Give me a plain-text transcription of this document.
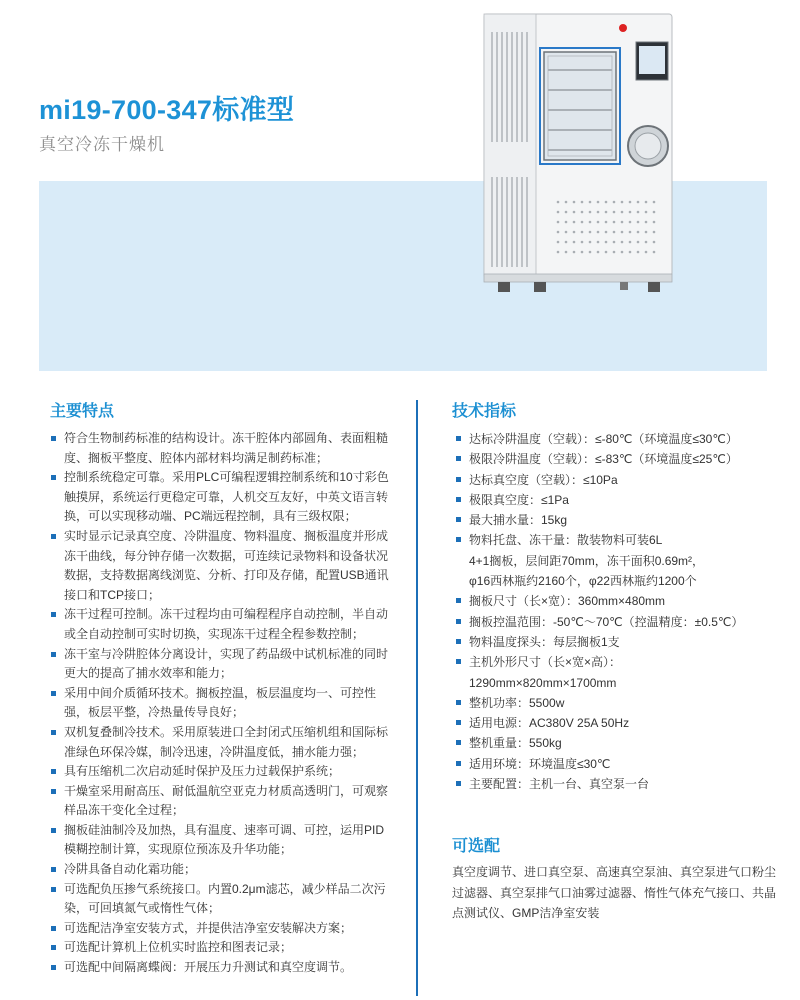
mi19-700-347标准型
真空冷冻干燥机
主要特点
符合生物制药标准的结构设计。冻干腔体内部圆角、表面粗糙度、搁板平整度、腔体内部材料均满足制药标准；
控制系统稳定可靠。采用PLC可编程逻辑控制系统和10寸彩色触摸屏，系统运行更稳定可靠，人机交互友好，中英文语言转换，可以实现移动端、PC端远程控制，具有三级权限；
实时显示记录真空度、冷阱温度、物料温度、搁板温度并形成冻干曲线，每分钟存储一次数据，可连续记录物料和设备状况数据，支持数据离线浏览、分析、打印及存储，配置USB通讯接口和TCP接口；
冻干过程可控制。冻干过程均由可编程程序自动控制，半自动或全自动控制可实时切换，实现冻干过程全程参数控制；
冻干室与冷阱腔体分离设计，实现了药品级中试机标准的同时更大的提高了捕水效率和能力；
采用中间介质循环技术。搁板控温，板层温度均一、可控性强，板层平整，冷热量传导良好；
双机复叠制冷技术。采用原装进口全封闭式压缩机组和国际标准绿色环保冷媒，制冷迅速，冷阱温度低，捕水能力强；
具有压缩机二次启动延时保护及压力过载保护系统；
干燥室采用耐高压、耐低温航空亚克力材质高透明门，可观察样品冻干变化全过程；
搁板硅油制冷及加热，具有温度、速率可调、可控，运用PID模糊控制计算，实现原位预冻及升华功能；
冷阱具备自动化霜功能；
可选配负压掺气系统接口。内置0.2μm滤芯，减少样品二次污染，可回填氮气或惰性气体；
可选配洁净室安装方式，并提供洁净室安装解决方案；
可选配计算机上位机实时监控和图表记录；
可选配中间隔离蝶阀：开展压力升测试和真空度调节。
技术指标
达标冷阱温度（空载）：≤-80℃（环境温度≤30℃）
极限冷阱温度（空载）：≤-83℃（环境温度≤25℃）
达标真空度（空载）：≤10Pa
极限真空度：≤1Pa
最大捕水量：15kg
物料托盘、冻干量：散装物料可装6L
4+1搁板，层间距70mm，冻干面积0.69m²，
φ16西林瓶约2160个，φ22西林瓶约1200个
搁板尺寸（长×宽）：360mm×480mm
搁板控温范围：-50℃～70℃（控温精度：±0.5℃）
物料温度探头：每层搁板1支
主机外形尺寸（长×宽×高）：
1290mm×820mm×1700mm
整机功率：5500w
适用电源：AC380V 25A 50Hz
整机重量：550kg
适用环境：环境温度≤30℃
主要配置：主机一台、真空泵一台
可选配
真空度调节、进口真空泵、高速真空泵油、真空泵进气口粉尘过滤器、真空泵排气口油雾过滤器、惰性气体充气接口、共晶点测试仪、GMP洁净室安装
